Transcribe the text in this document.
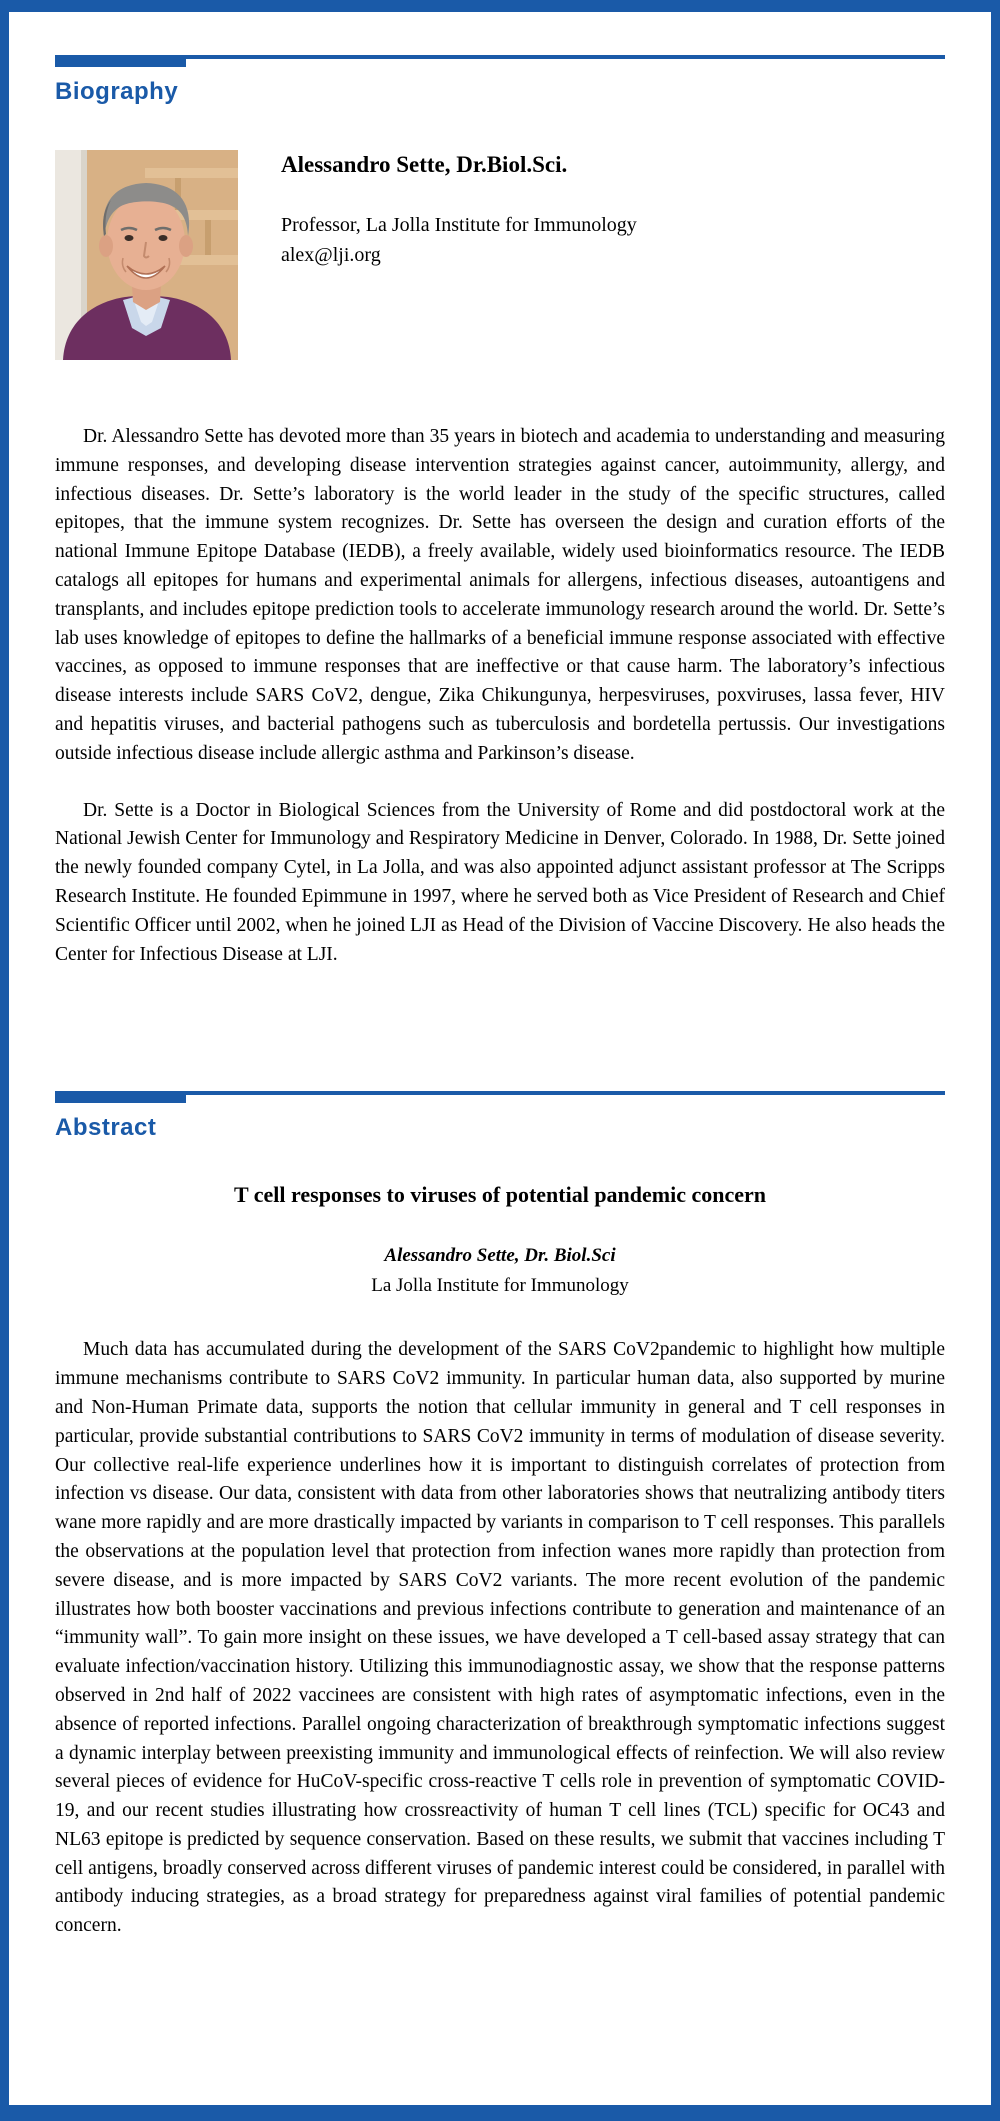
Biography
Alessandro Sette, Dr.Biol.Sci.
Professor, La Jolla Institute for Immunology
alex@lji.org

Dr. Alessandro Sette has devoted more than 35 years in biotech and academia to understanding and measuring immune responses, and developing disease intervention strategies against cancer, autoimmunity, allergy, and infectious diseases. Dr. Sette’s laboratory is the world leader in the study of the specific structures, called epitopes, that the immune system recognizes. Dr. Sette has overseen the design and curation efforts of the national Immune Epitope Database (IEDB), a freely available, widely used bioinformatics resource. The IEDB catalogs all epitopes for humans and experimental animals for allergens, infectious diseases, autoantigens and transplants, and includes epitope prediction tools to accelerate immunology research around the world. Dr. Sette’s lab uses knowledge of epitopes to define the hallmarks of a beneficial immune response associated with effective vaccines, as opposed to immune responses that are ineffective or that cause harm. The laboratory’s infectious disease interests include SARS CoV2, dengue, Zika Chikungunya, herpesviruses, poxviruses, lassa fever, HIV and hepatitis viruses, and bacterial pathogens such as tuberculosis and bordetella pertussis. Our investigations outside infectious disease include allergic asthma and Parkinson’s disease.

Dr. Sette is a Doctor in Biological Sciences from the University of Rome and did postdoctoral work at the National Jewish Center for Immunology and Respiratory Medicine in Denver, Colorado. In 1988, Dr. Sette joined the newly founded company Cytel, in La Jolla, and was also appointed adjunct assistant professor at The Scripps Research Institute. He founded Epimmune in 1997, where he served both as Vice President of Research and Chief Scientific Officer until 2002, when he joined LJI as Head of the Division of Vaccine Discovery. He also heads the Center for Infectious Disease at LJI.

Abstract
T cell responses to viruses of potential pandemic concern
Alessandro Sette, Dr. Biol.Sci
La Jolla Institute for Immunology

Much data has accumulated during the development of the SARS CoV2pandemic to highlight how multiple immune mechanisms contribute to SARS CoV2 immunity. In particular human data, also supported by murine and Non-Human Primate data, supports the notion that cellular immunity in general and T cell responses in particular, provide substantial contributions to SARS CoV2 immunity in terms of modulation of disease severity. Our collective real-life experience underlines how it is important to distinguish correlates of protection from infection vs disease. Our data, consistent with data from other laboratories shows that neutralizing antibody titers wane more rapidly and are more drastically impacted by variants in comparison to T cell responses. This parallels the observations at the population level that protection from infection wanes more rapidly than protection from severe disease, and is more impacted by SARS CoV2 variants. The more recent evolution of the pandemic illustrates how both booster vaccinations and previous infections contribute to generation and maintenance of an “immunity wall”. To gain more insight on these issues, we have developed a T cell-based assay strategy that can evaluate infection/vaccination history. Utilizing this immunodiagnostic assay, we show that the response patterns observed in 2nd half of 2022 vaccinees are consistent with high rates of asymptomatic infections, even in the absence of reported infections. Parallel ongoing characterization of breakthrough symptomatic infections suggest a dynamic interplay between preexisting immunity and immunological effects of reinfection. We will also review several pieces of evidence for HuCoV-specific cross-reactive T cells role in prevention of symptomatic COVID-19, and our recent studies illustrating how crossreactivity of human T cell lines (TCL) specific for OC43 and NL63 epitope is predicted by sequence conservation. Based on these results, we submit that vaccines including T cell antigens, broadly conserved across different viruses of pandemic interest could be considered, in parallel with antibody inducing strategies, as a broad strategy for preparedness against viral families of potential pandemic concern.
